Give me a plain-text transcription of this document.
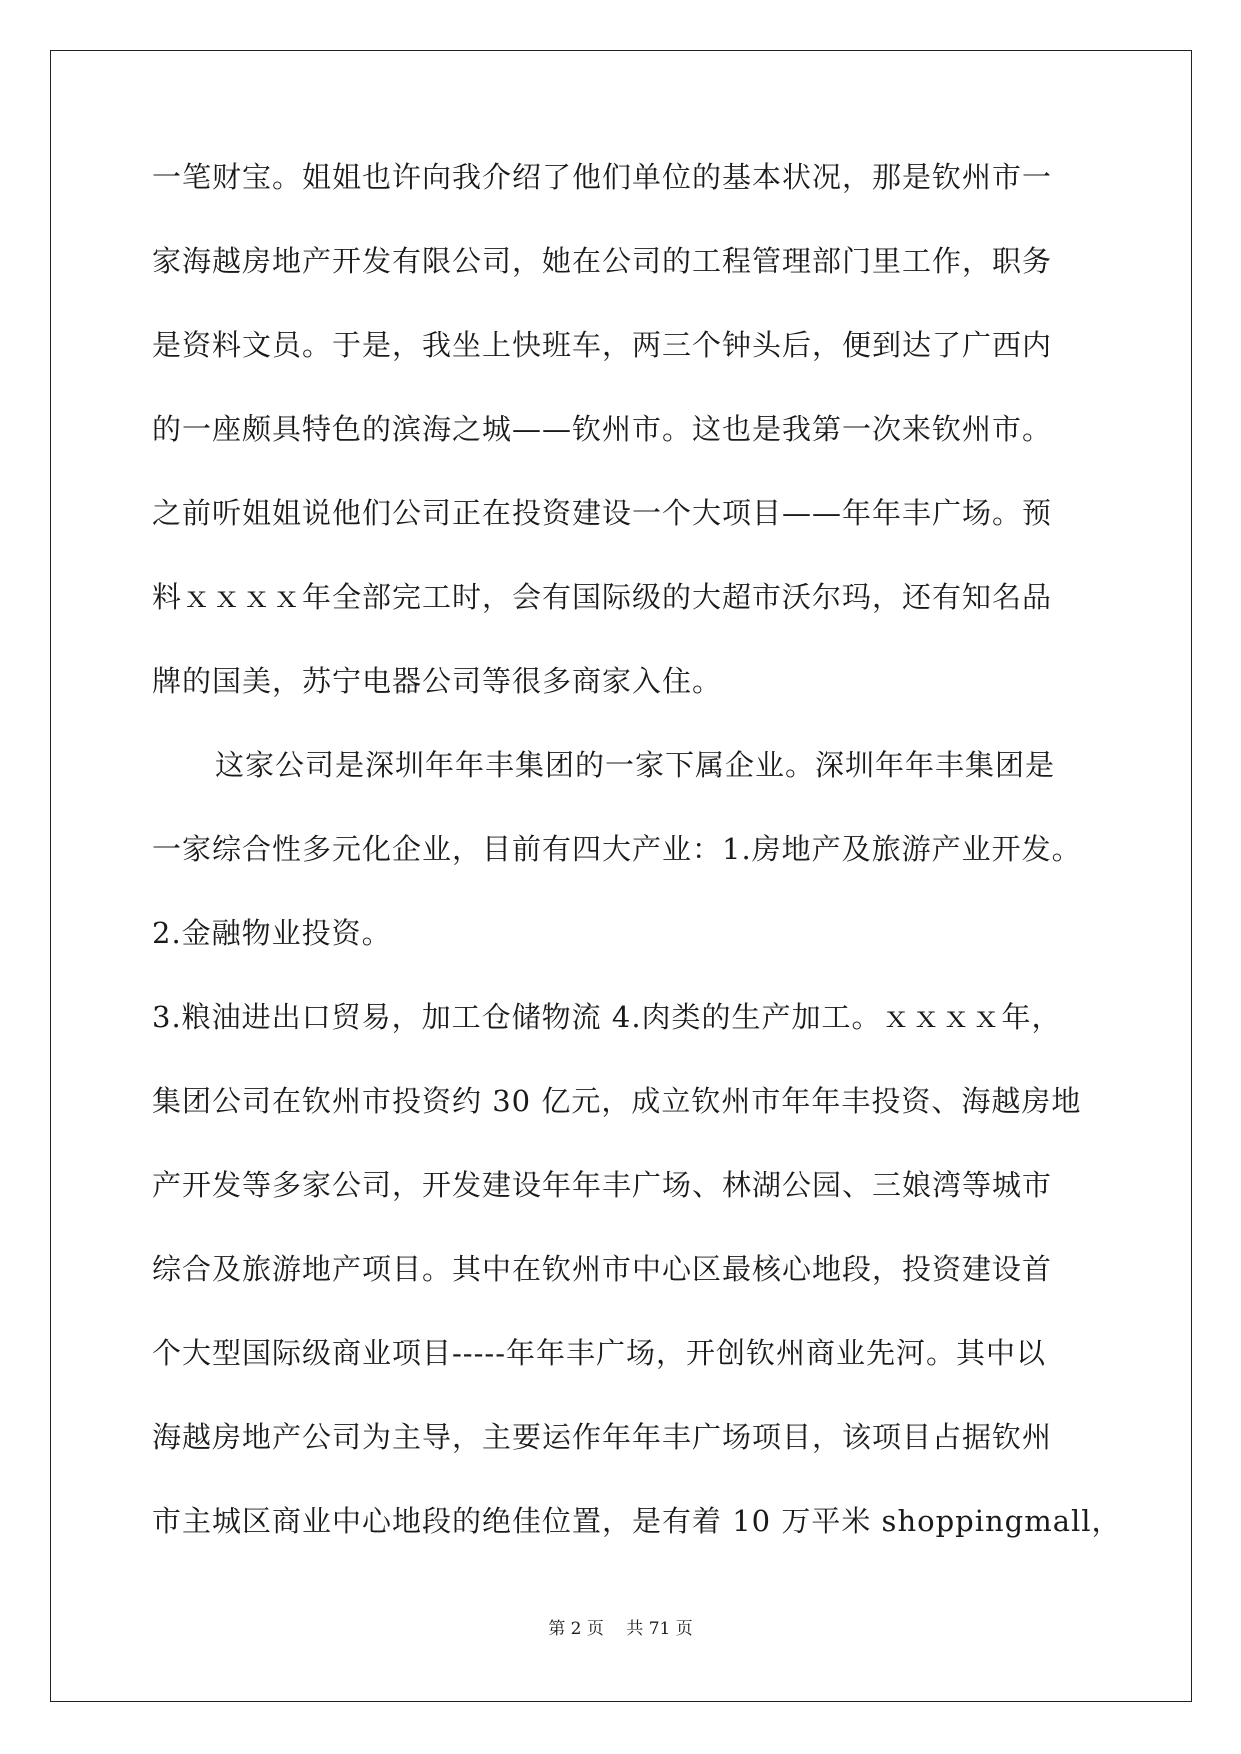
一笔财宝。姐姐也许向我介绍了他们单位的基本状况，那是钦州市一
家海越房地产开发有限公司，她在公司的工程管理部门里工作，职务
是资料文员。于是，我坐上快班车，两三个钟头后，便到达了广西内
的一座颇具特色的滨海之城——钦州市。这也是我第一次来钦州市。
之前听姐姐说他们公司正在投资建设一个大项目——年年丰广场。预
料ｘｘｘｘ年全部完工时，会有国际级的大超市沃尔玛，还有知名品
牌的国美，苏宁电器公司等很多商家入住。
这家公司是深圳年年丰集团的一家下属企业。深圳年年丰集团是
一家综合性多元化企业，目前有四大产业：1.房地产及旅游产业开发。
2.金融物业投资。
3.粮油进出口贸易，加工仓储物流 4.肉类的生产加工。ｘｘｘｘ年，
集团公司在钦州市投资约 30 亿元，成立钦州市年年丰投资、海越房地
产开发等多家公司，开发建设年年丰广场、林湖公园、三娘湾等城市
综合及旅游地产项目。其中在钦州市中心区最核心地段，投资建设首
个大型国际级商业项目-----年年丰广场，开创钦州商业先河。其中以
海越房地产公司为主导，主要运作年年丰广场项目，该项目占据钦州
市主城区商业中心地段的绝佳位置，是有着 10 万平米 shoppingmall，
第 2 页　 共 71 页
